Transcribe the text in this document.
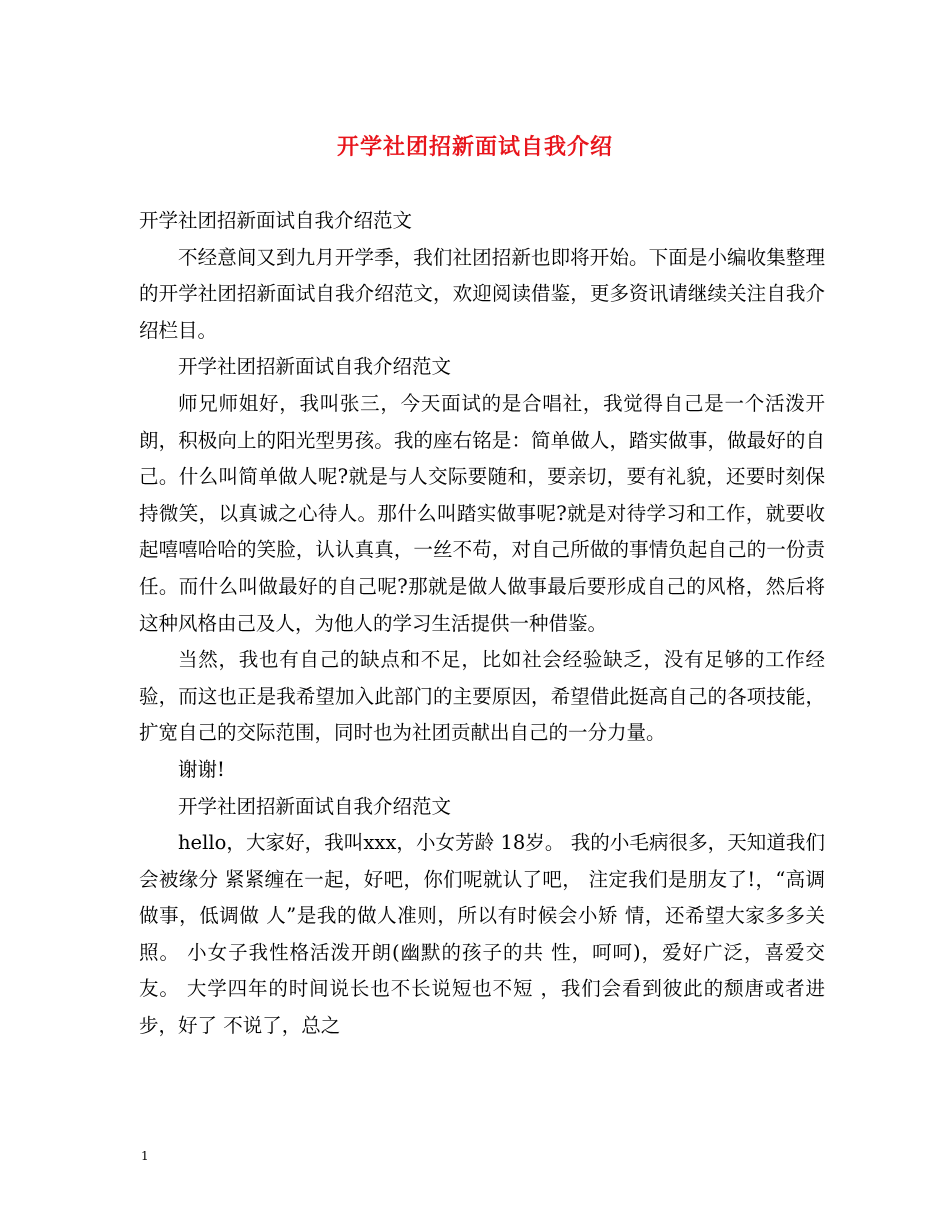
开学社团招新面试自我介绍

开学社团招新面试自我介绍范文

不经意间又到九月开学季，我们社团招新也即将开始。下面是小编收集整理的开学社团招新面试自我介绍范文，欢迎阅读借鉴，更多资讯请继续关注自我介绍栏目。

开学社团招新面试自我介绍范文

师兄师姐好，我叫张三，今天面试的是合唱社，我觉得自己是一个活泼开朗，积极向上的阳光型男孩。我的座右铭是：简单做人，踏实做事，做最好的自己。什么叫简单做人呢?就是与人交际要随和，要亲切，要有礼貌，还要时刻保持微笑，以真诚之心待人。那什么叫踏实做事呢?就是对待学习和工作，就要收起嘻嘻哈哈的笑脸，认认真真，一丝不苟，对自己所做的事情负起自己的一份责任。而什么叫做最好的自己呢?那就是做人做事最后要形成自己的风格，然后将这种风格由己及人，为他人的学习生活提供一种借鉴。

当然，我也有自己的缺点和不足，比如社会经验缺乏，没有足够的工作经验，而这也正是我希望加入此部门的主要原因，希望借此挺高自己的各项技能，扩宽自己的交际范围，同时也为社团贡献出自己的一分力量。

谢谢!

开学社团招新面试自我介绍范文

hello，大家好，我叫xxx，小女芳龄 18岁。 我的小毛病很多，天知道我们会被缘分 紧紧缠在一起，好吧，你们呢就认了吧， 注定我们是朋友了!，“高调做事，低调做 人”是我的做人准则，所以有时候会小矫 情，还希望大家多多关照。 小女子我性格活泼开朗(幽默的孩子的共 性，呵呵)，爱好广泛，喜爱交友。 大学四年的时间说长也不长说短也不短 ，我们会看到彼此的颓唐或者进步，好了 不说了，总之

1
